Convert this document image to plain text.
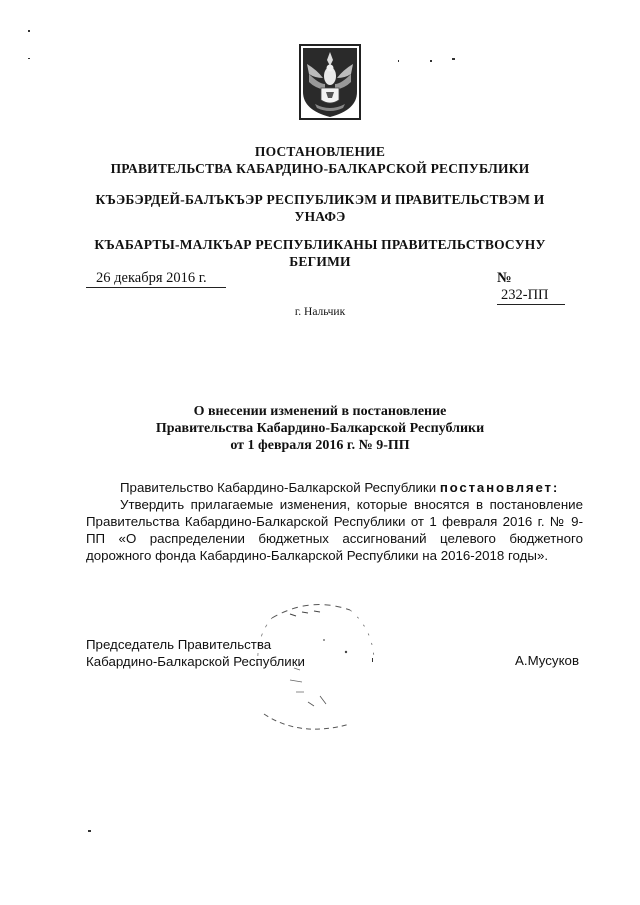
ПОСТАНОВЛЕНИЕ
ПРАВИТЕЛЬСТВА КАБАРДИНО-БАЛКАРСКОЙ РЕСПУБЛИКИ
КЪЭБЭРДЕЙ-БАЛЪКЪЭР РЕСПУБЛИКЭМ И ПРАВИТЕЛЬСТВЭМ И
УНАФЭ
КЪАБАРТЫ-МАЛКЪАР РЕСПУБЛИКАНЫ ПРАВИТЕЛЬСТВОСУНУ
БЕГИМИ
26 декабря 2016 г.	№ 232-ПП
г. Нальчик
О внесении изменений в постановление
Правительства Кабардино-Балкарской Республики
от 1 февраля 2016 г. № 9-ПП
Правительство Кабардино-Балкарской Республики постановляет:
Утвердить прилагаемые изменения, которые вносятся в постановление Правительства Кабардино-Балкарской Республики от 1 февраля 2016 г. № 9-ПП «О распределении бюджетных ассигнований целевого бюджетного дорожного фонда Кабардино-Балкарской Республики на 2016-2018 годы».
Председатель Правительства
Кабардино-Балкарской Республики	А.Мусуков
